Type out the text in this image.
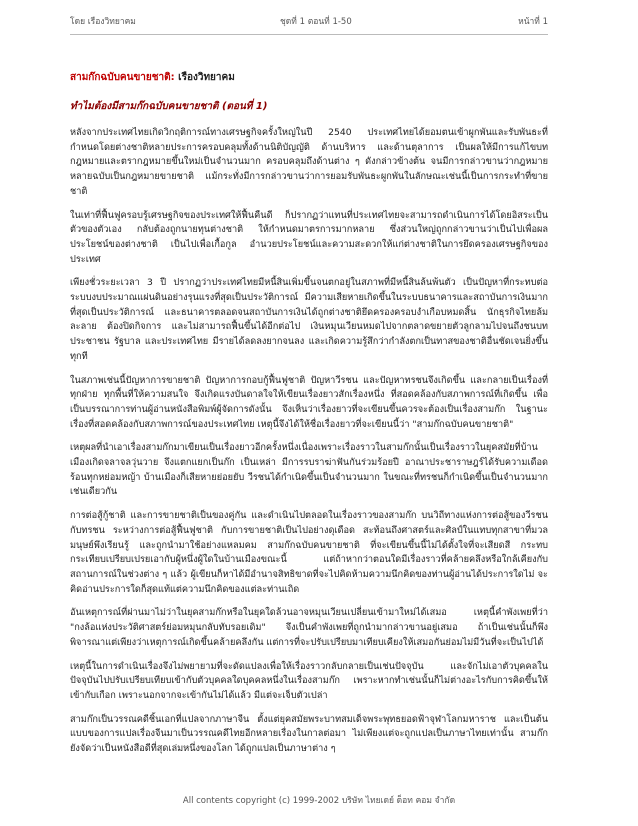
โดย เรืองวิทยาคม	ชุดที่ 1 ตอนที่ 1-50	หน้าที่ 1
สามก๊กฉบับคนขายชาติ: เรืองวิทยาคม
ทำไมต้องมีสามก๊กฉบับคนขายชาติ (ตอนที่ 1)

หลังจากประเทศไทยเกิดวิกฤติการณ์ทางเศรษฐกิจครั้งใหญ่ในปี 2540 ประเทศไทยได้ยอมตนเข้าผูกพันและรับพันธะที่กำหนดโดยต่างชาติหลายประการครอบคลุมทั้งด้านนิติบัญญัติ ด้านบริหาร และด้านตุลาการ เป็นผลให้มีการแก้ไขบทกฎหมายและตรากฎหมายขึ้นใหม่เป็นจำนวนมาก ครอบคลุมถึงด้านต่าง ๆ ดังกล่าวข้างต้น จนมีการกล่าวขานว่ากฎหมายหลายฉบับเป็นกฎหมายขายชาติ แม้กระทั่งมีการกล่าวขานว่าการยอมรับพันธะผูกพันในลักษณะเช่นนี้เป็นการกระทำที่ขายชาติ

ในเท่าที่ฟื้นฟูครอบรู้เศรษฐกิจของประเทศให้ฟื้นคืนดี ก็ปรากฏว่าแทนที่ประเทศไทยจะสามารถดำเนินการได้โดยอิสระเป็นตัวของตัวเอง กลับต้องถูกนายทุนต่างชาติ ให้กำหนดมาตรการมากหลาย ซึ่งส่วนใหญ่ถูกกล่าวขานว่าเป็นไปเพื่อผลประโยชน์ของต่างชาติ เป็นไปเพื่อเกื้อกูล อำนวยประโยชน์และความสะดวกให้แก่ต่างชาติในการยึดครองเศรษฐกิจของประเทศ

เพียงชั่วระยะเวลา 3 ปี ปรากฏว่าประเทศไทยมีหนี้สินเพิ่มขึ้นจนตกอยู่ในสภาพที่มีหนี้สินล้นพ้นตัว เป็นปัญหาที่กระทบต่อระบบงบประมาณแผ่นดินอย่างรุนแรงที่สุดเป็นประวัติการณ์ มีความเสียหายเกิดขึ้นในระบบธนาคารและสถาบันการเงินมากที่สุดเป็นประวัติการณ์ และธนาคารตลอดจนสถาบันการเงินได้ถูกต่างชาติยึดครองครอบงำเกือบหมดสิ้น นักธุรกิจไทยล้มละลาย ต้องปิดกิจการ และไม่สามารถฟื้นขึ้นได้อีกต่อไป เงินหมุนเวียนหมดไปจากตลาดขยายตัวลูกลามไปจนถึงชนบท ประชาชน รัฐบาล และประเทศไทย มีรายได้ลดลงยากจนลง และเกิดความรู้สึกว่ากำลังตกเป็นทาสของชาติอื่นชัดเจนยิ่งขึ้นทุกที

ในสภาพเช่นนี้ปัญหาการขายชาติ ปัญหาการกอบกู้ฟื้นฟูชาติ ปัญหาวีรชน และปัญหาทรชนจึงเกิดขึ้น และกลายเป็นเรื่องที่ทุกฝ่าย ทุกพื้นที่ให้ความสนใจ จึงเกิดแรงบันดาลใจให้เขียนเรื่องยาวสักเรื่องหนึ่ง ที่สอดคล้องกับสภาพการณ์ที่เกิดขึ้น เพื่อเป็นบรรณาการท่านผู้อ่านหนังสือพิมพ์ผู้จัดการดังนั้น จึงเห็นว่าเรื่องยาวที่จะเขียนขึ้นควรจะต้องเป็นเรื่องสามก๊ก ในฐานะเรื่องที่สอดคล้องกับสภาพการณ์ของประเทศไทย เหตุนี้จึงได้ให้ชื่อเรื่องยาวที่จะเขียนนี้ว่า "สามก๊กฉบับคนขายชาติ"

เหตุผลที่นำเอาเรื่องสามก๊กมาเขียนเป็นเรื่องยาวอีกครั้งหนึ่งเนื่องเพราะเรื่องราวในสามก๊กนั้นเป็นเรื่องราวในยุคสมัยที่บ้านเมืองเกิดจลาจลวุ่นวาย จึงแตกแยกเป็นก๊ก เป็นเหล่า มีการรบราฆ่าฟันกันร่วมร้อยปี อาณาประชาราษฎร์ได้รับความเดือดร้อนทุกหย่อมหญ้า บ้านเมืองก็เสียหายย่อยยับ วีรชนได้กำเนิดขึ้นเป็นจำนวนมาก ในขณะที่ทรชนก็กำเนิดขึ้นเป็นจำนวนมากเช่นเดียวกัน

การต่อสู้กู้ชาติ และการขายชาติเป็นของคู่กัน และดำเนินไปตลอดในเรื่องราวของสามก๊ก บนวิถีทางแห่งการต่อสู้ของวีรชนกับทรชน ระหว่างการต่อสู้ฟื้นฟูชาติ กับการขายชาติเป็นไปอย่างดุเดือด สะท้อนถึงศาสตร์และศิลป์ในแทบทุกสาขาที่มวลมนุษย์พึงเรียนรู้ และถูกนำมาใช้อย่างแหลมคม สามก๊กฉบับคนขายชาติ ที่จะเขียนขึ้นนี้ไม่ได้ตั้งใจที่จะเสียดสี กระทบกระเทียบเปรียบเปรยเอากับผู้หนึ่งผู้ใดในบ้านเมืองขณะนี้ แต่ถ้าหากว่าตอนใดมีเรื่องราวที่คล้ายคลึงหรือใกล้เคียงกับสถานการณ์ในช่วงต่าง ๆ แล้ว ผู้เขียนก็หาได้มีอำนาจสิทธิขาดที่จะไปคิดห้ามความนึกคิดของท่านผู้อ่านได้ประการใดไม่ จะคิดอ่านประการใดก็สุดแท้แต่ความนึกคิดของแต่ละท่านเถิด

อันเหตุการณ์ที่ผ่านมาไม่ว่าในยุคสามก๊กหรือในยุคใดล้วนอาจหมุนเวียนเปลี่ยนเข้ามาใหม่ได้เสมอ เหตุนี้คำพังเพยที่ว่า "กงล้อแห่งประวัติศาสตร์ย่อมหมุนกลับทับรอยเดิม" จึงเป็นคำพังเพยที่ถูกนำมากล่าวขานอยู่เสมอ ถ้าเป็นเช่นนั้นก็พึงพิจารณาแต่เพียงว่าเหตุการณ์เกิดขึ้นคล้ายคลึงกัน แต่การที่จะปรับเปรียบมาเทียบเคียงให้เสมอกันย่อมไม่มีวันที่จะเป็นไปได้

เหตุนี้ในการดำเนินเรื่องจึงไม่พยายามที่จะดัดแปลงเพื่อให้เรื่องราวกลับกลายเป็นเช่นปัจจุบัน และจักไม่เอาตัวบุคคลในปัจจุบันไปปรับเปรียบเทียบเข้ากับตัวบุคคลใดบุคคลหนึ่งในเรื่องสามก๊ก เพราะหากทำเช่นนั้นก็ไม่ต่างอะไรกับการคิดขึ้นให้เข้ากับเกือก เพราะนอกจากจะเข้ากันไม่ได้แล้ว มีแต่จะเจ็บตัวเปล่า

สามก๊กเป็นวรรณคดีชิ้นเอกที่แปลจากภาษาจีน ตั้งแต่ยุคสมัยพระบาทสมเด็จพระพุทธยอดฟ้าจุฬาโลกมหาราช และเป็นต้นแบบของการแปลเรื่องจีนมาเป็นวรรณคดีไทยอีกหลายเรื่องในกาลต่อมา ไม่เพียงแต่จะถูกแปลเป็นภาษาไทยเท่านั้น สามก๊กยังจัดว่าเป็นหนังสือดีที่สุดเล่มหนึ่งของโลก ได้ถูกแปลเป็นภาษาต่าง ๆ

All contents copyright (c) 1999-2002 บริษัท ไทยเดย์ ด็อท คอม จำกัด
